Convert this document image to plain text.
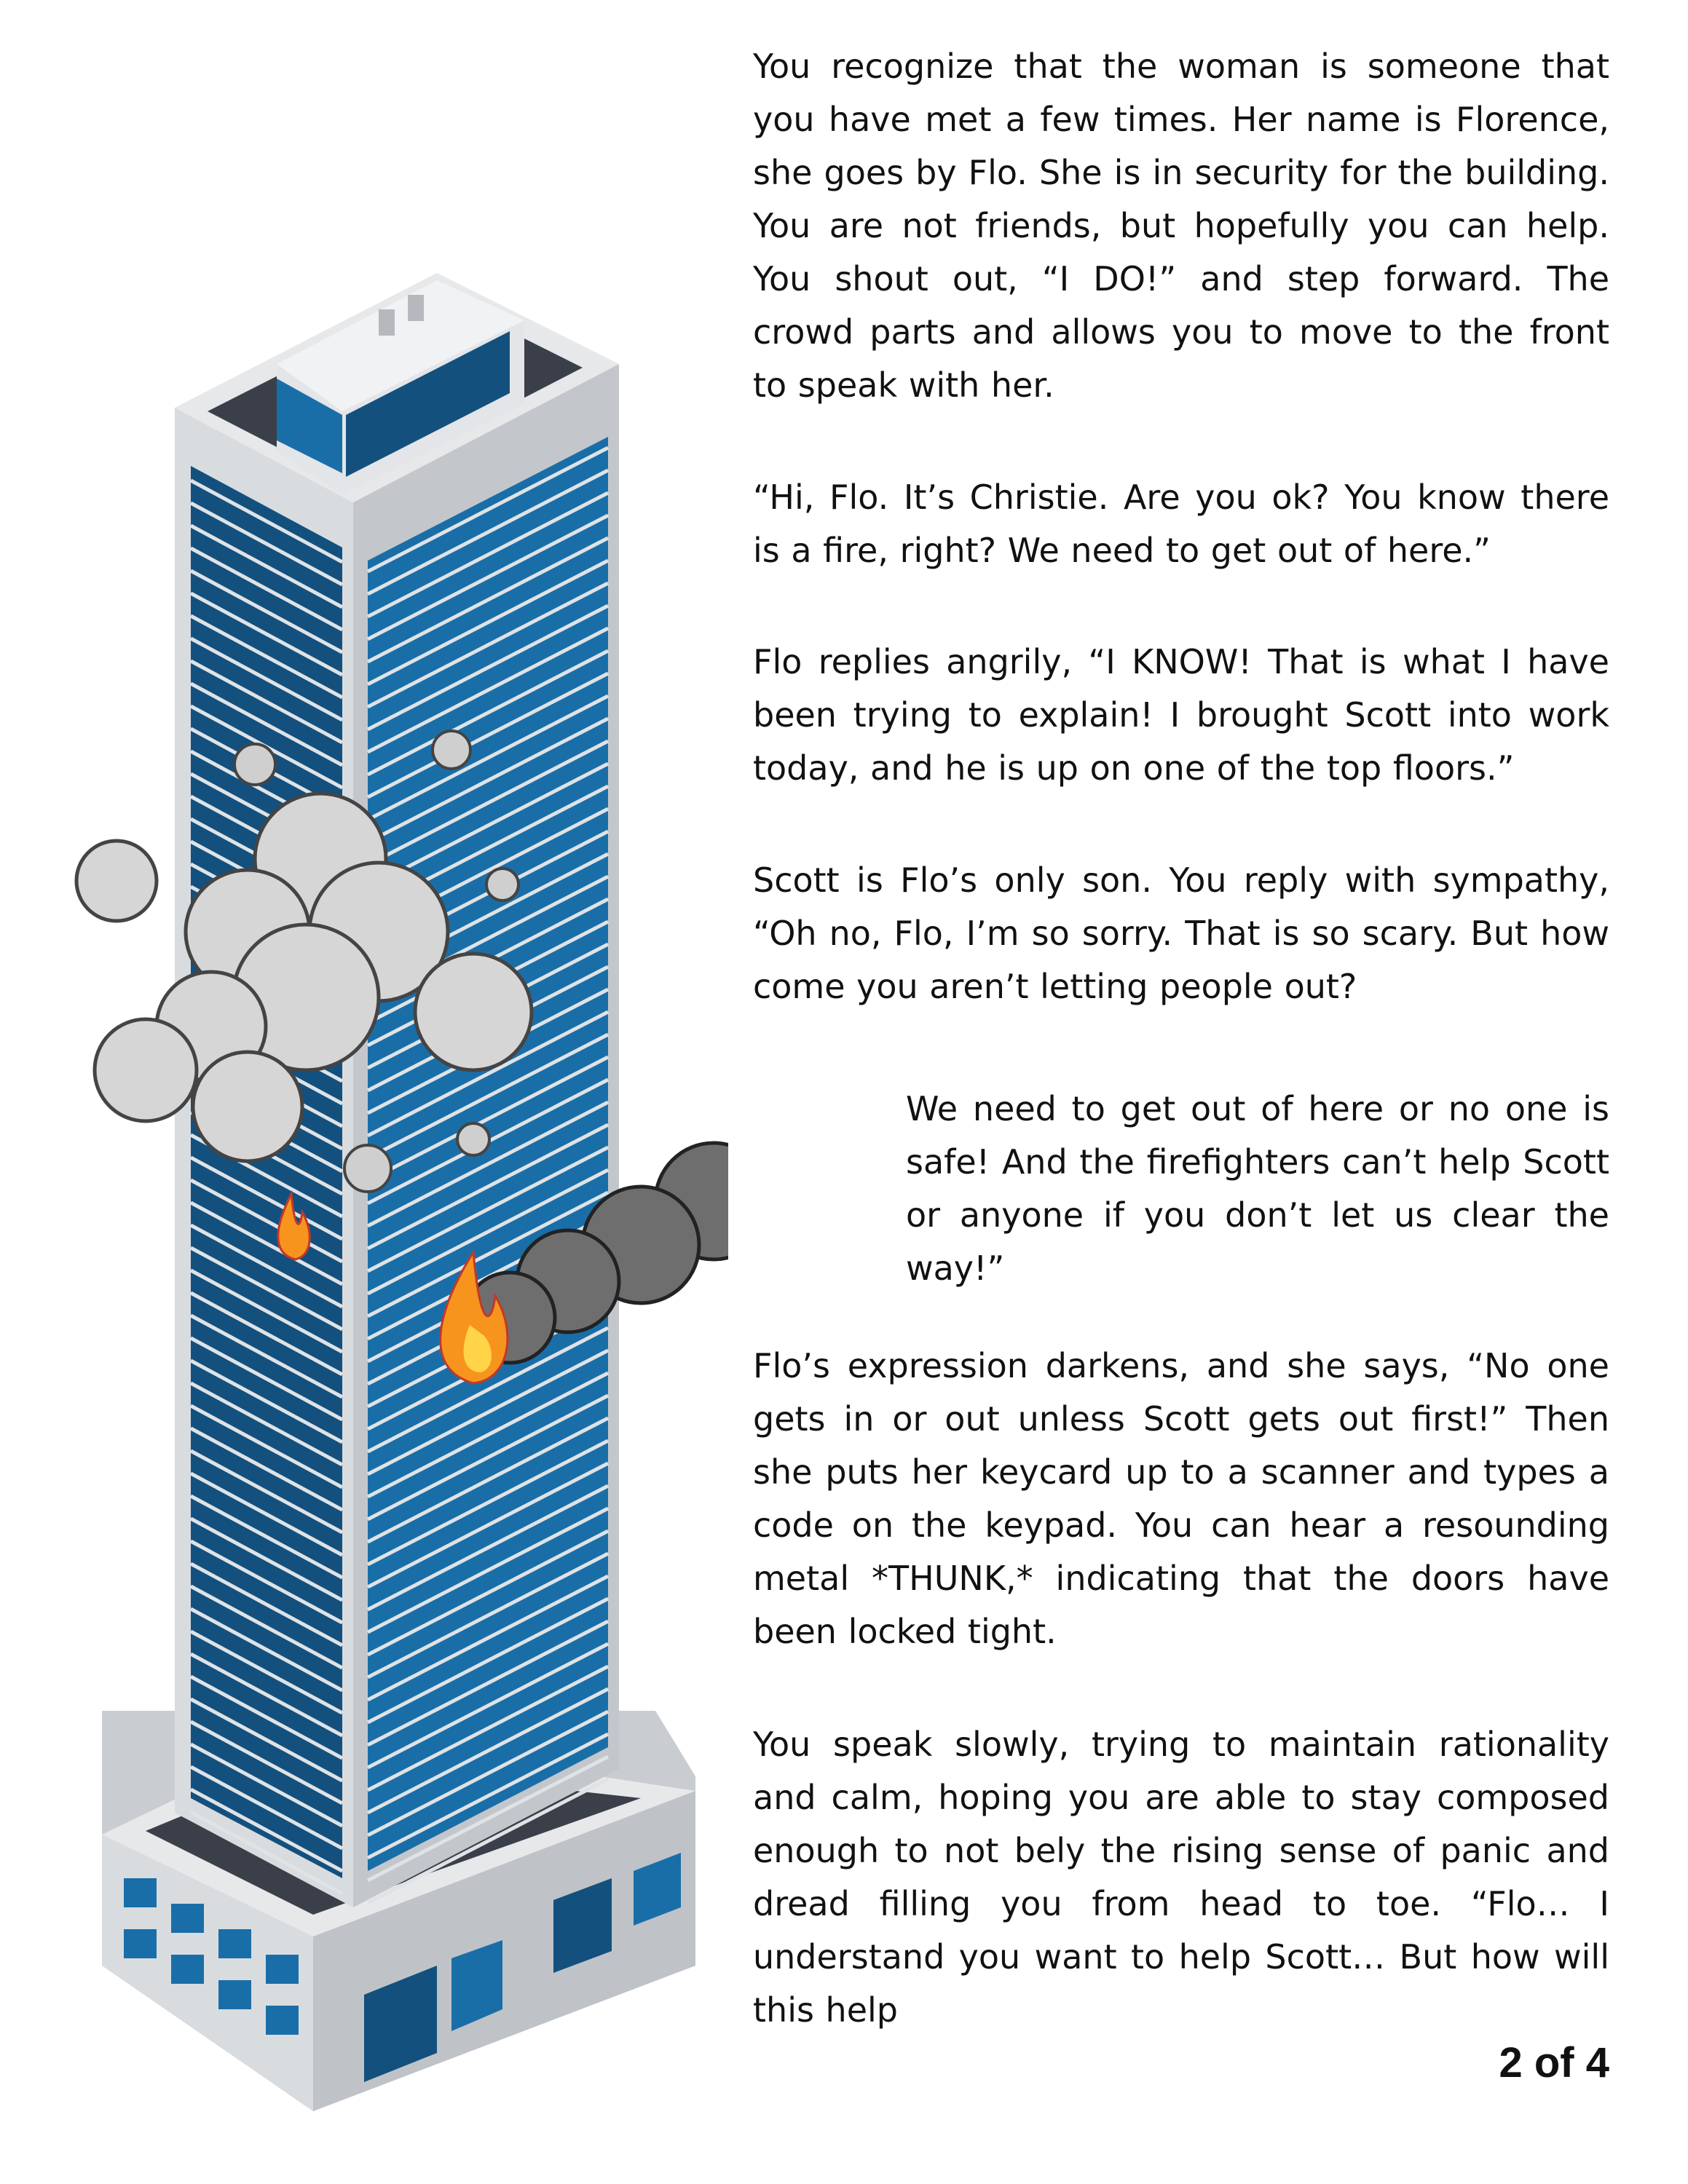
You recognize that the woman is someone that you have met a few times. Her name is Florence, she goes by Flo. She is in security for the building. You are not friends, but hopefully you can help. You shout out, “I DO!” and step forward. The crowd parts and allows you to move to the front to speak with her.

“Hi, Flo. It’s Christie. Are you ok? You know there is a fire, right? We need to get out of here.”

Flo replies angrily, “I KNOW! That is what I have been trying to explain! I brought Scott into work today, and he is up on one of the top floors.”

Scott is Flo’s only son. You reply with sympathy, “Oh no, Flo, I’m so sorry. That is so scary. But how come you aren’t letting people out?

We need to get out of here or no one is safe! And the firefighters can’t help Scott or anyone if you don’t let us clear the way!”

Flo’s expression darkens, and she says, “No one gets in or out unless Scott gets out first!” Then she puts her keycard up to a scanner and types a code on the keypad. You can hear a resounding metal *THUNK,* indicating that the doors have been locked tight.

You speak slowly, trying to maintain rationality and calm, hoping you are able to stay composed enough to not bely the rising sense of panic and dread filling you from head to toe. “Flo… I understand you want to help Scott… But how will this help

2 of 4
